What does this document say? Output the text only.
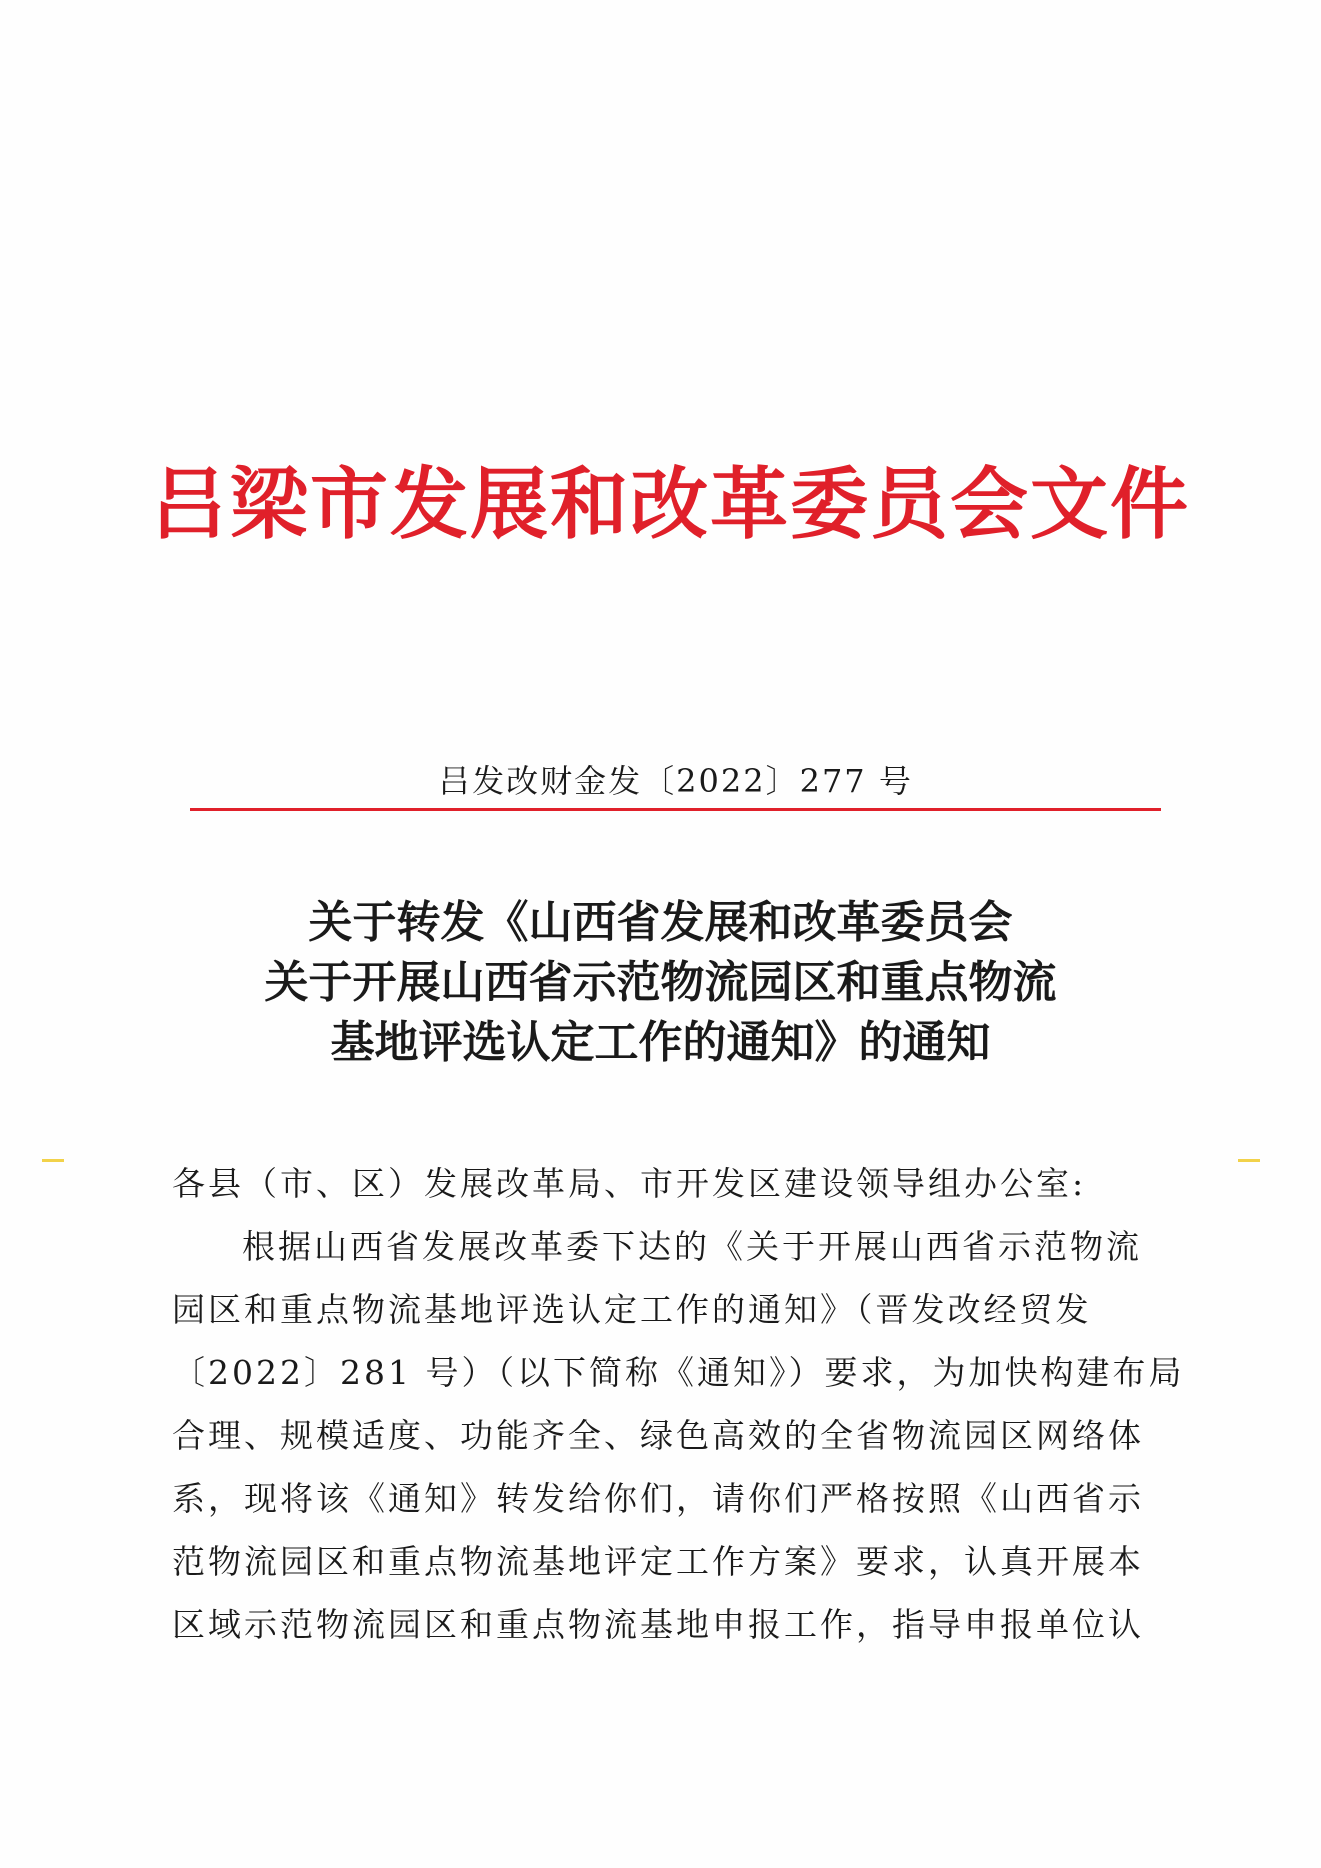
吕梁市发展和改革委员会文件
吕发改财金发〔2022〕277 号
关于转发《山西省发展和改革委员会
关于开展山西省示范物流园区和重点物流
基地评选认定工作的通知》的通知
各县（市、区）发展改革局、市开发区建设领导组办公室:
根据山西省发展改革委下达的《关于开展山西省示范物流
园区和重点物流基地评选认定工作的通知》（晋发改经贸发
〔2022〕281 号）（以下简称《通知》）要求，为加快构建布局
合理、规模适度、功能齐全、绿色高效的全省物流园区网络体
系，现将该《通知》转发给你们，请你们严格按照《山西省示
范物流园区和重点物流基地评定工作方案》要求，认真开展本
区域示范物流园区和重点物流基地申报工作，指导申报单位认
